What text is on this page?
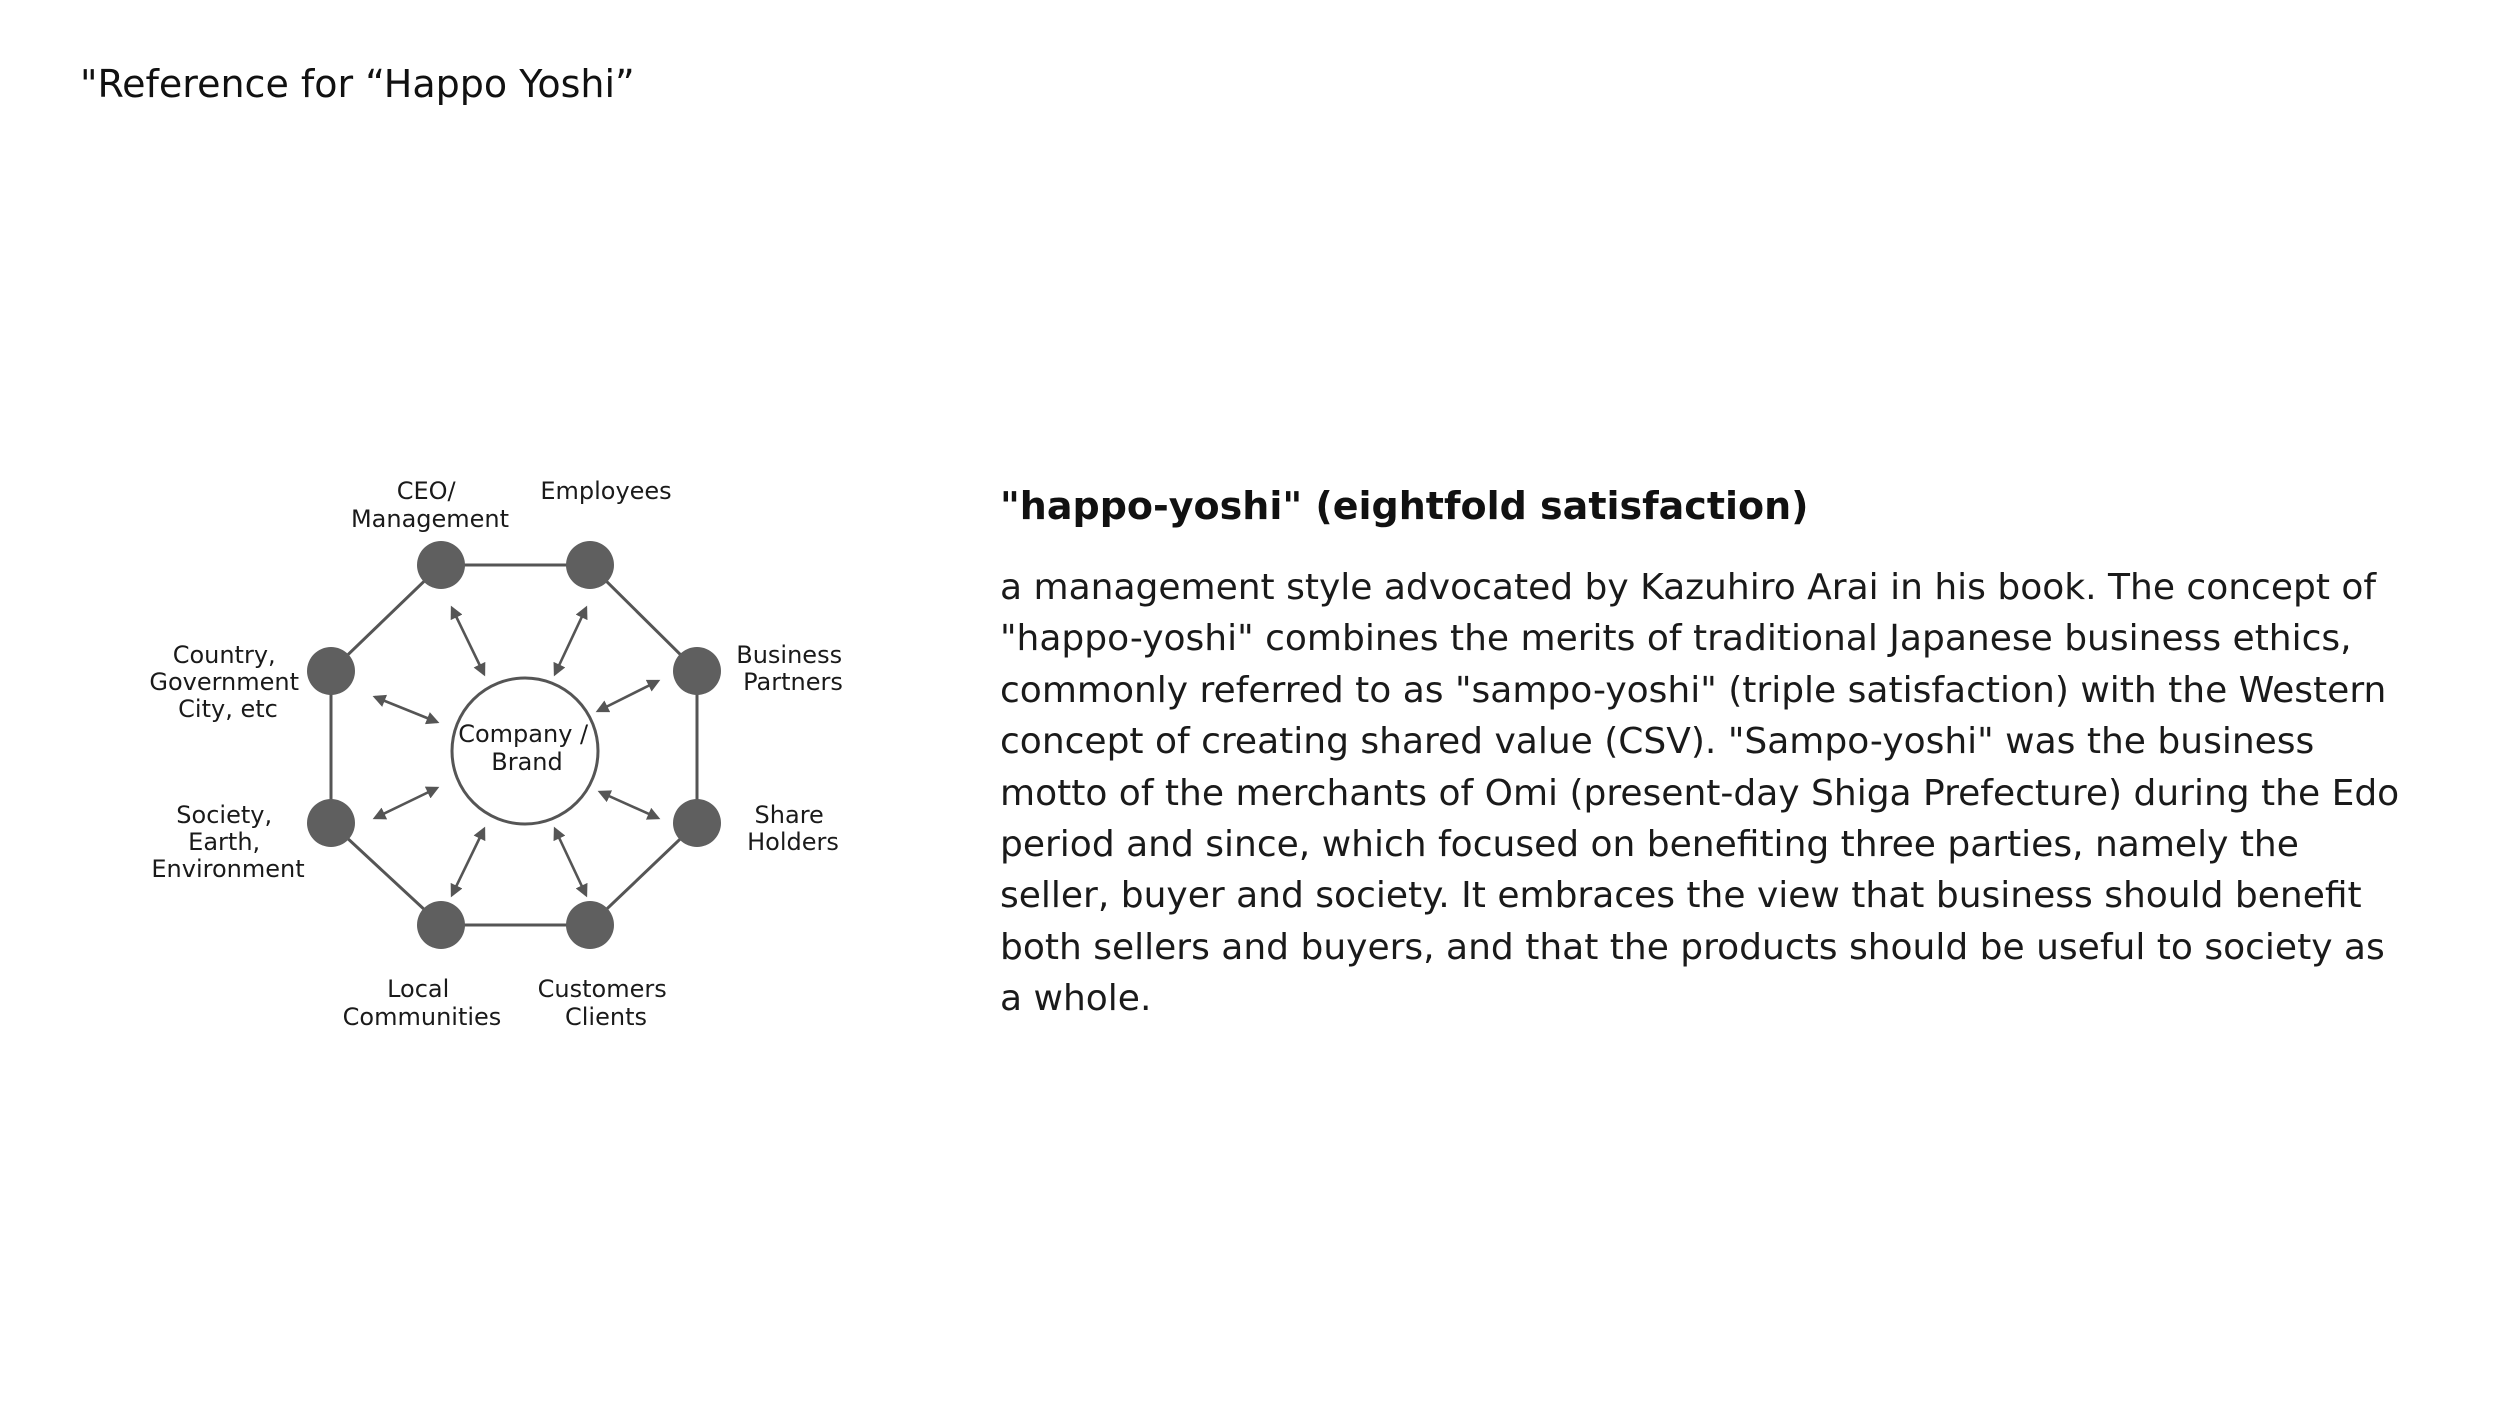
"Reference for “Happo Yoshi”
Company / Brand
CEO/ Management
Employees
Business Partners
Share Holders
Customers Clients
Local Communities
Society, Earth, Environment
Country, Government City, etc

"happo-yoshi" (eightfold satisfaction)

a management style advocated by Kazuhiro Arai in his book. The concept of "happo-yoshi" combines the merits of traditional Japanese business ethics, commonly referred to as "sampo-yoshi" (triple satisfaction) with the Western concept of creating shared value (CSV). "Sampo-yoshi" was the business motto of the merchants of Omi (present-day Shiga Prefecture) during the Edo period and since, which focused on benefiting three parties, namely the seller, buyer and society. It embraces the view that business should benefit both sellers and buyers, and that the products should be useful to society as a whole.
